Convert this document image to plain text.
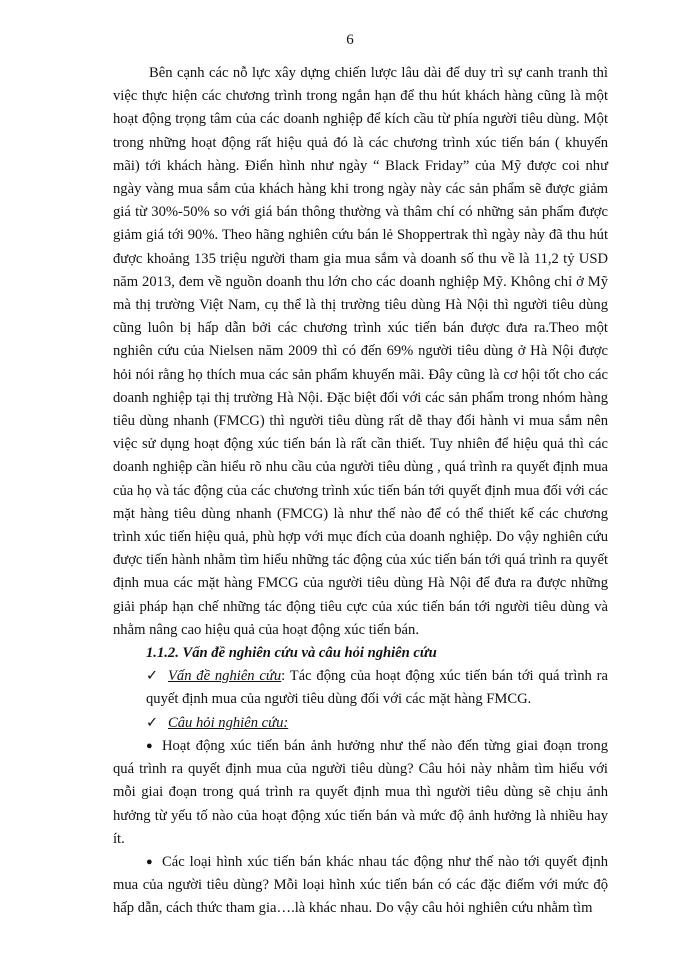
6

Bên cạnh các nỗ lực xây dựng chiến lược lâu dài để duy trì sự canh tranh thì việc thực hiện các chương trình trong ngắn hạn để thu hút khách hàng cũng là một hoạt động trọng tâm của các doanh nghiệp để kích cầu từ phía người tiêu dùng. Một trong những hoạt động rất hiệu quả đó là các chương trình xúc tiến bán ( khuyến mãi) tới khách hàng. Điển hình như ngày “ Black Friday” của Mỹ được coi như ngày vàng mua sắm của khách hàng khi trong ngày này các sản phẩm sẽ được giảm giá từ 30%-50% so với giá bán thông thường và thâm chí có những sản phẩm được giảm giá tới 90%. Theo hãng nghiên cứu bán lẻ Shoppertrak thì ngày này đã thu hút được khoảng 135 triệu người tham gia mua sắm và doanh số thu về là 11,2 tỷ USD năm 2013, đem về nguồn doanh thu lớn cho các doanh nghiệp Mỹ. Không chỉ ở Mỹ mà thị trường Việt Nam, cụ thể là thị trường tiêu dùng Hà Nội thì người tiêu dùng cũng luôn bị hấp dẫn bởi các chương trình xúc tiến bán được đưa ra.Theo một nghiên cứu của Nielsen năm 2009 thì có đến 69% người tiêu dùng ở Hà Nội được hỏi nói rằng họ thích mua các sản phẩm khuyến mãi. Đây cũng là cơ hội tốt cho các doanh nghiệp tại thị trường Hà Nội. Đặc biệt đối với các sản phẩm trong nhóm hàng tiêu dùng nhanh (FMCG) thì người tiêu dùng rất dễ thay đổi hành vi mua sắm nên việc sử dụng hoạt động xúc tiến bán là rất cần thiết. Tuy nhiên để hiệu quả thì các doanh nghiệp cần hiểu rõ nhu cầu của người tiêu dùng , quá trình ra quyết định mua của họ và tác động của các chương trình xúc tiến bán tới quyết định mua đối với các mặt hàng tiêu dùng nhanh (FMCG) là như thế nào để có thể thiết kế các chương trình xúc tiến hiệu quả, phù hợp với mục đích của doanh nghiệp. Do vậy nghiên cứu được tiến hành nhằm tìm hiểu những tác động của xúc tiến bán tới quá trình ra quyết định mua các mặt hàng FMCG của người tiêu dùng Hà Nội để đưa ra được những giải pháp hạn chế những tác động tiêu cực của xúc tiến bán tới người tiêu dùng và nhằm nâng cao hiệu quả của hoạt động xúc tiến bán.

1.1.2. Vấn đề nghiên cứu và câu hỏi nghiên cứu

✓ Vấn đề nghiên cứu: Tác động của hoạt động xúc tiến bán tới quá trình ra quyết định mua của người tiêu dùng đối với các mặt hàng FMCG.

✓ Câu hỏi nghiên cứu:

● Hoạt động xúc tiến bán ảnh hưởng như thế nào đến từng giai đoạn trong quá trình ra quyết định mua của người tiêu dùng? Câu hỏi này nhằm tìm hiểu với mỗi giai đoạn trong quá trình ra quyết định mua thì người tiêu dùng sẽ chịu ảnh hưởng từ yếu tố nào của hoạt động xúc tiến bán và mức độ ảnh hưởng là nhiều hay ít.

● Các loại hình xúc tiến bán khác nhau tác động như thế nào tới quyết định mua của người tiêu dùng? Mỗi loại hình xúc tiến bán có các đặc điểm với mức độ hấp dẫn, cách thức tham gia….là khác nhau. Do vậy câu hỏi nghiên cứu nhằm tìm
